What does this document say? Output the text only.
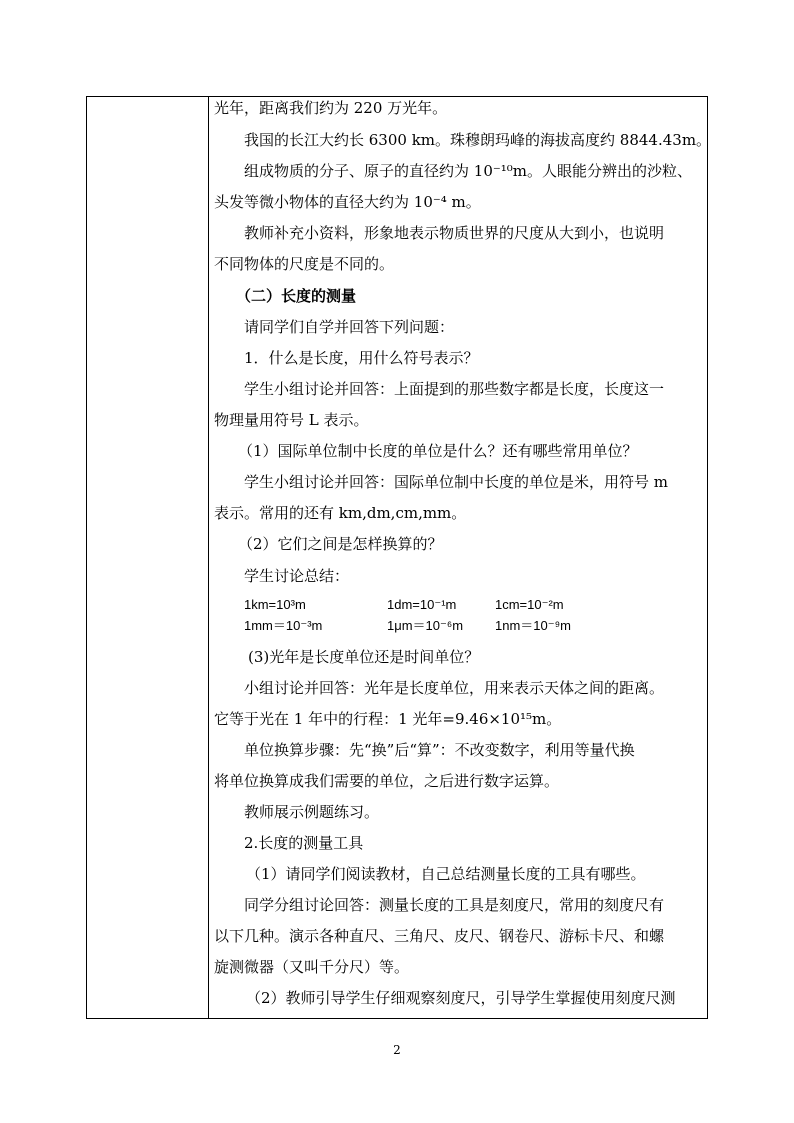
光年，距离我们约为 220 万光年。
我国的长江大约长 6300 km。珠穆朗玛峰的海拔高度约 8844.43m。
组成物质的分子、原子的直径约为 10⁻¹⁰m。人眼能分辨出的沙粒、
头发等微小物体的直径大约为 10⁻⁴ m。
教师补充小资料，形象地表示物质世界的尺度从大到小，也说明
不同物体的尺度是不同的。
（二）长度的测量
请同学们自学并回答下列问题：
1．什么是长度，用什么符号表示？
学生小组讨论并回答：上面提到的那些数字都是长度，长度这一
物理量用符号 L 表示。
（1）国际单位制中长度的单位是什么？还有哪些常用单位？
学生小组讨论并回答：国际单位制中长度的单位是米，用符号 m
表示。常用的还有 km,dm,cm,mm。
（2）它们之间是怎样换算的？
学生讨论总结：
1km=10³m	1dm=10⁻¹m	1cm=10⁻²m
1mm＝10⁻³m	1μm＝10⁻⁶m 1nm＝10⁻⁹m
(3)光年是长度单位还是时间单位？
小组讨论并回答：光年是长度单位，用来表示天体之间的距离。
它等于光在 1 年中的行程：1 光年=9.46×10¹⁵m。
单位换算步骤：先“换”后“算”：不改变数字，利用等量代换
将单位换算成我们需要的单位，之后进行数字运算。
教师展示例题练习。
2.长度的测量工具
（1）请同学们阅读教材，自己总结测量长度的工具有哪些。
同学分组讨论回答：测量长度的工具是刻度尺，常用的刻度尺有
以下几种。演示各种直尺、三角尺、皮尺、钢卷尺、游标卡尺、和螺
旋测微器（又叫千分尺）等。
（2）教师引导学生仔细观察刻度尺，引导学生掌握使用刻度尺测
2
